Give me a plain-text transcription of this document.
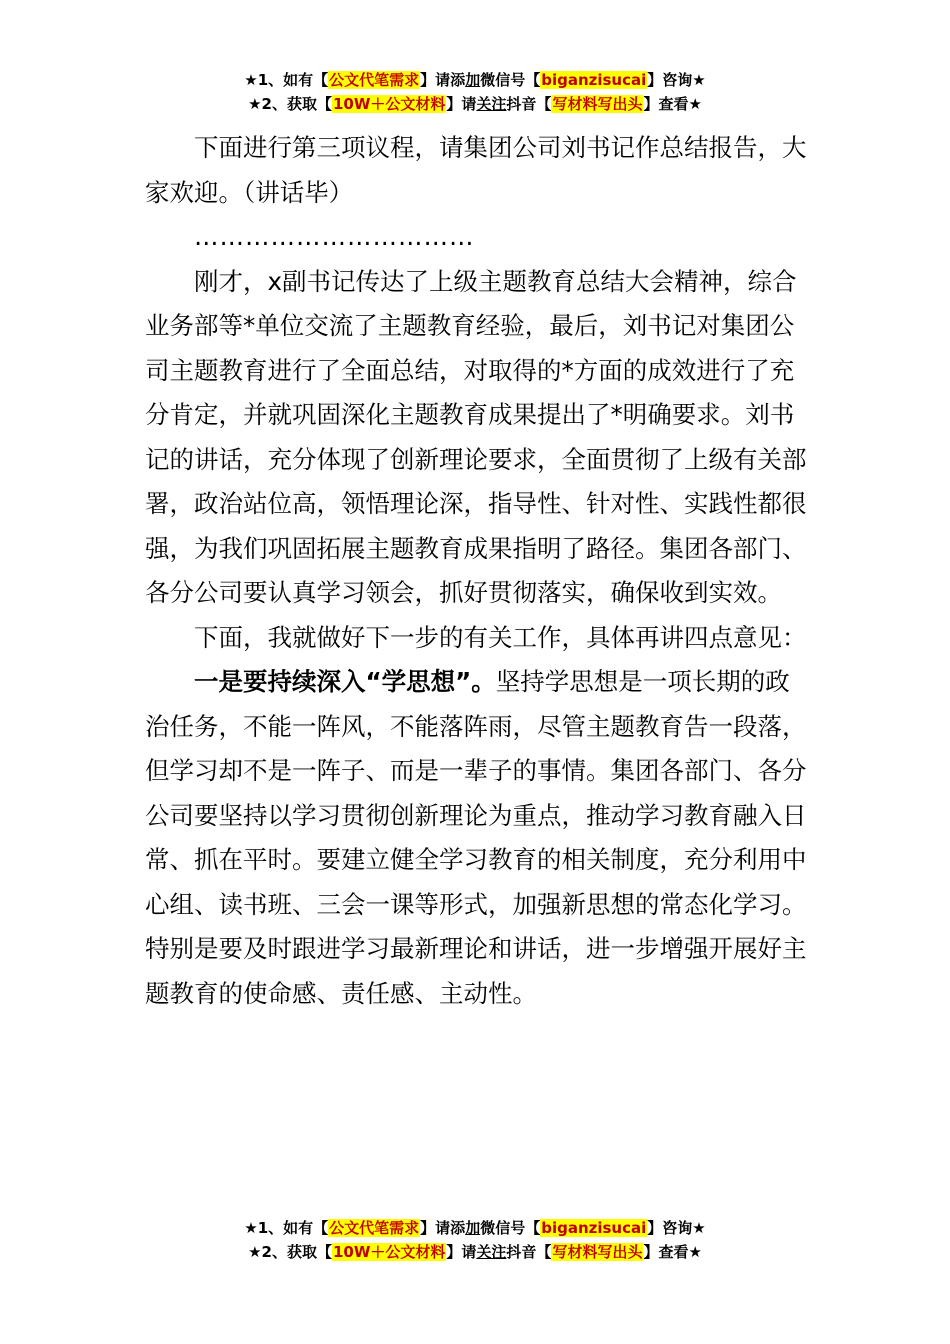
★1、如有【公文代笔需求】请添加微信号【biganzisucai】咨询★
★2、获取【10W＋公文材料】请关注抖音【写材料写出头】查看★

下面进行第三项议程，请集团公司刘书记作总结报告，大家欢迎。（讲话毕）

……………………………

刚才，x副书记传达了上级主题教育总结大会精神，综合业务部等*单位交流了主题教育经验，最后，刘书记对集团公司主题教育进行了全面总结，对取得的*方面的成效进行了充分肯定，并就巩固深化主题教育成果提出了*明确要求。刘书记的讲话，充分体现了创新理论要求，全面贯彻了上级有关部署，政治站位高，领悟理论深，指导性、针对性、实践性都很强，为我们巩固拓展主题教育成果指明了路径。集团各部门、各分公司要认真学习领会，抓好贯彻落实，确保收到实效。

下面，我就做好下一步的有关工作，具体再讲四点意见：

一是要持续深入“学思想”。坚持学思想是一项长期的政治任务，不能一阵风，不能落阵雨，尽管主题教育告一段落，但学习却不是一阵子、而是一辈子的事情。集团各部门、各分公司要坚持以学习贯彻创新理论为重点，推动学习教育融入日常、抓在平时。要建立健全学习教育的相关制度，充分利用中心组、读书班、三会一课等形式，加强新思想的常态化学习。特别是要及时跟进学习最新理论和讲话，进一步增强开展好主题教育的使命感、责任感、主动性。

★1、如有【公文代笔需求】请添加微信号【biganzisucai】咨询★
★2、获取【10W＋公文材料】请关注抖音【写材料写出头】查看★
